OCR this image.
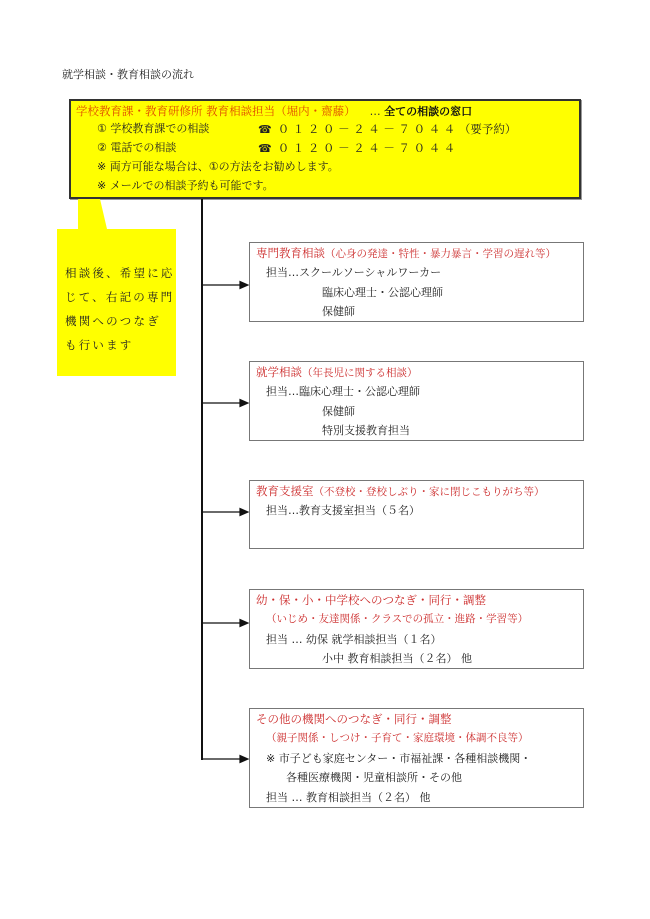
就学相談・教育相談の流れ
学校教育課・教育研修所 教育相談担当（堀内・齋藤） … 全ての相談の窓口
① 学校教育課での相談	☎ ０１２０－２４－７０４４（要予約）
② 電話での相談	☎ ０１２０－２４－７０４４
※ 両方可能な場合は、①の方法をお勧めします。
※ メールでの相談予約も可能です。
相談後、希望に応
じて、右記の専門
機関へのつなぎ
も行います
専門教育相談（心身の発達・特性・暴力暴言・学習の遅れ等）
担当…スクールソーシャルワーカー
臨床心理士・公認心理師
保健師
就学相談（年長児に関する相談）
担当…臨床心理士・公認心理師
保健師
特別支援教育担当
教育支援室（不登校・登校しぶり・家に閉じこもりがち等）
担当…教育支援室担当（５名）
幼・保・小・中学校へのつなぎ・同行・調整
（いじめ・友達関係・クラスでの孤立・進路・学習等）
担当 … 幼保 就学相談担当（１名）
小中 教育相談担当（２名） 他
その他の機関へのつなぎ・同行・調整
（親子関係・しつけ・子育て・家庭環境・体調不良等）
※ 市子ども家庭センター・市福祉課・各種相談機関・
各種医療機関・児童相談所・その他
担当 … 教育相談担当（２名） 他
